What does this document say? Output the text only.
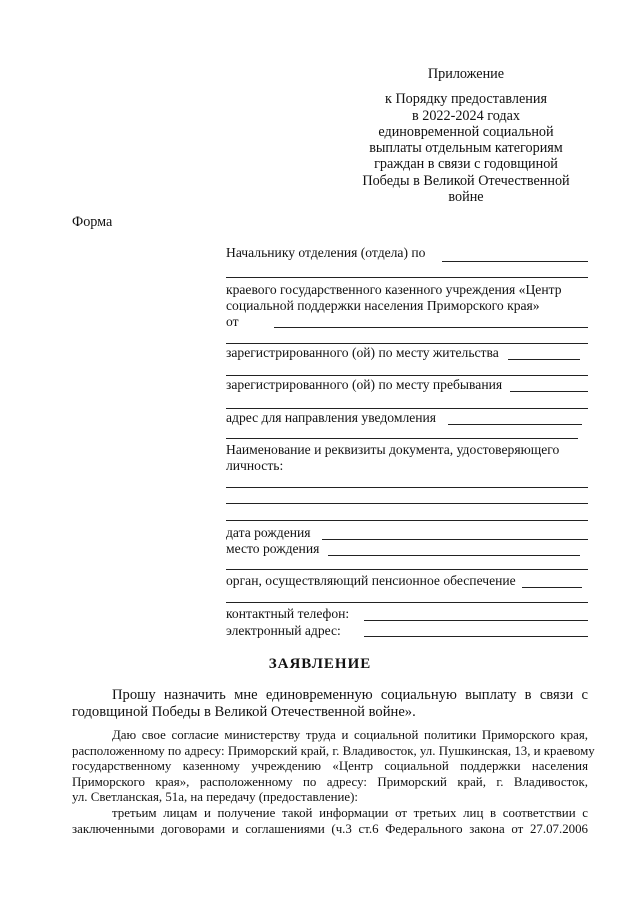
Приложение
к Порядку предоставления
в 2022-2024 годах
единовременной социальной
выплаты отдельным категориям
граждан в связи с годовщиной
Победы в Великой Отечественной
войне
Форма
Начальнику отделения (отдела) по
краевого государственного казенного учреждения «Центр
социальной поддержки населения Приморского края»
от
зарегистрированного (ой) по месту жительства
зарегистрированного (ой) по месту пребывания
адрес для направления уведомления
Наименование и реквизиты документа, удостоверяющего
личность:
дата рождения
место рождения
орган, осуществляющий пенсионное обеспечение
контактный телефон:
электронный адрес:
ЗАЯВЛЕНИЕ
Прошу назначить мне единовременную социальную выплату в связи с
годовщиной Победы в Великой Отечественной войне».
Даю свое согласие министерству труда и социальной политики Приморского края,
расположенному по адресу: Приморский край, г. Владивосток, ул. Пушкинская, 13, и краевому
государственному казенному учреждению «Центр социальной поддержки населения
Приморского края», расположенному по адресу: Приморский край, г. Владивосток,
ул. Светланская, 51а, на передачу (предоставление):
третьим лицам и получение такой информации от третьих лиц в соответствии с
заключенными договорами и соглашениями (ч.3 ст.6 Федерального закона от 27.07.2006
